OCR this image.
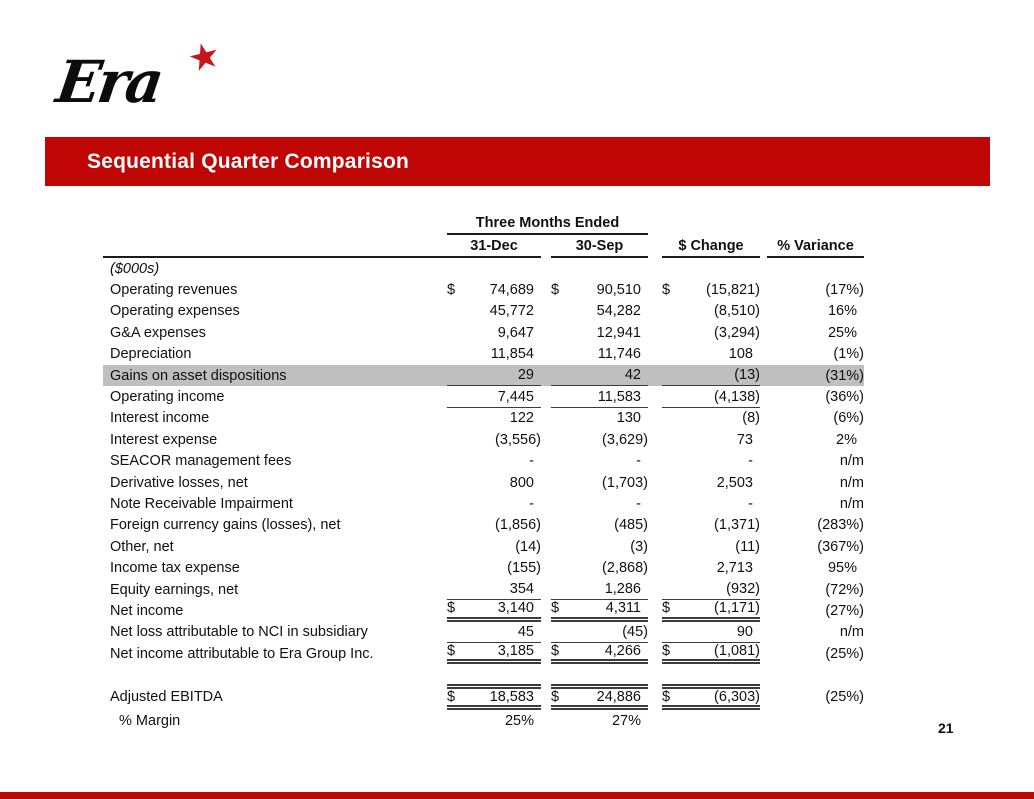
Era ★
Sequential Quarter Comparison
Three Months Ended
31-Dec	30-Sep	$ Change	% Variance
($000s)
Operating revenues	$ 74,689	$	90,510	$ (15,821)	(17%)
Operating expenses	45,772	54,282	(8,510)	16%
G&A expenses	9,647	12,941	(3,294)	25%
Depreciation	11,854	11,746	108	(1%)
Gains on asset dispositions	29	42	(13)	(31%)
Operating income	7,445	11,583	(4,138)	(36%)
Interest income	122	130	(8)	(6%)
Interest expense	(3,556)	(3,629)	73	2%
SEACOR management fees	-	-	-	n/m
Derivative losses, net	800	(1,703)	2,503	n/m
Note Receivable Impairment	-	-	-	n/m
Foreign currency gains (losses), net	(1,856)	(485)	(1,371)	(283%)
Other, net	(14)	(3)	(11)	(367%)
Income tax expense	(155)	(2,868)	2,713	95%
Equity earnings, net	354	1,286	(932)	(72%)
Net income	$	3,140	$	4,311	$	(1,171)	(27%)
Net loss attributable to NCI in subsidiary	45	(45)	90	n/m
Net income attributable to Era Group Inc.	$	3,185	$	4,266	$	(1,081)	(25%)
Adjusted EBITDA	$ 18,583	$	24,886	$	(6,303)	(25%)
% Margin	25%	27%	21
